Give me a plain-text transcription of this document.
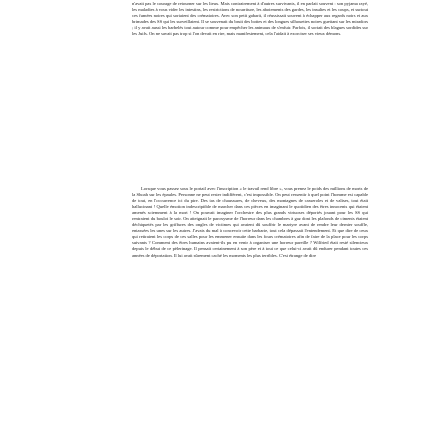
n'avait pas le courage de retourner sur les lieux. Mais contrairement à d'autres survivants, il en parlait souvent : son pyjama rayé, les maladies à vous vider les intestins, les restrictions de nourriture, les aboiements des gardes, les insultes et les coups, et surtout ces fumées noires qui sortaient des crématoires. Avec son petit gabarit, il réussissait souvent à échapper aux regards noirs et aux brimades des SS qui les surveillaient. Il se souvenait du bruit des bottes et des longues silhouettes noires guettant sur les miradors ; il y avait aussi les barbelés tout autour comme pour empêcher les animaux de s'enfuir. Parfois, il sortait des blagues sordides sur les Juifs. On ne savait pas trop si l'on devait en rire, mais manifestement, cela l'aidait à exorciser ses vieux démons.

Lorsque vous passez sous le portail avec l'inscription « le travail rend libre », vous prenez le poids des millions de morts de la Shoah sur les épaules. Personne ne peut rester indifférent, c'est impossible. On peut ressentir à quel point l'homme est capable de tout, en l'occurrence ici du pire. Des tas de chaussures, de cheveux, des montagnes de casseroles et de valises, tout était hallucinant ! Quelle émotion indescriptible de marcher dans ces pièces en imaginant le quotidien des êtres innocents qui étaient amenés sciemment à la mort ! On pouvait imaginer l'orchestre des plus grands virtuoses déportés jouant pour les SS qui rentraient du boulot le soir. On atteignait le paroxysme de l'horreur dans les chambres à gaz dont les plafonds de ciments étaient déchiquetés par les griffures des ongles de victimes qui avaient dû souffrir le martyre avant de rendre leur dernier souffle, entassées les unes sur les autres. J'avais du mal à concevoir cette barbarie, tout cela dépassait l'entendement. Et que dire de ceux qui retiraient les corps de ces salles pour les emmener ensuite dans les fours crématoires afin de faire de la place pour les corps suivants ? Comment des êtres humains avaient-ils pu en venir à organiser une horreur pareille ? Wilfried était resté silencieux depuis le début de ce pèlerinage. Il pensait certainement à son père et à tout ce que celui-ci avait dû endurer pendant toutes ces années de déportation. Il lui avait sûrement caché les moments les plus terribles. C'est étrange de dire
